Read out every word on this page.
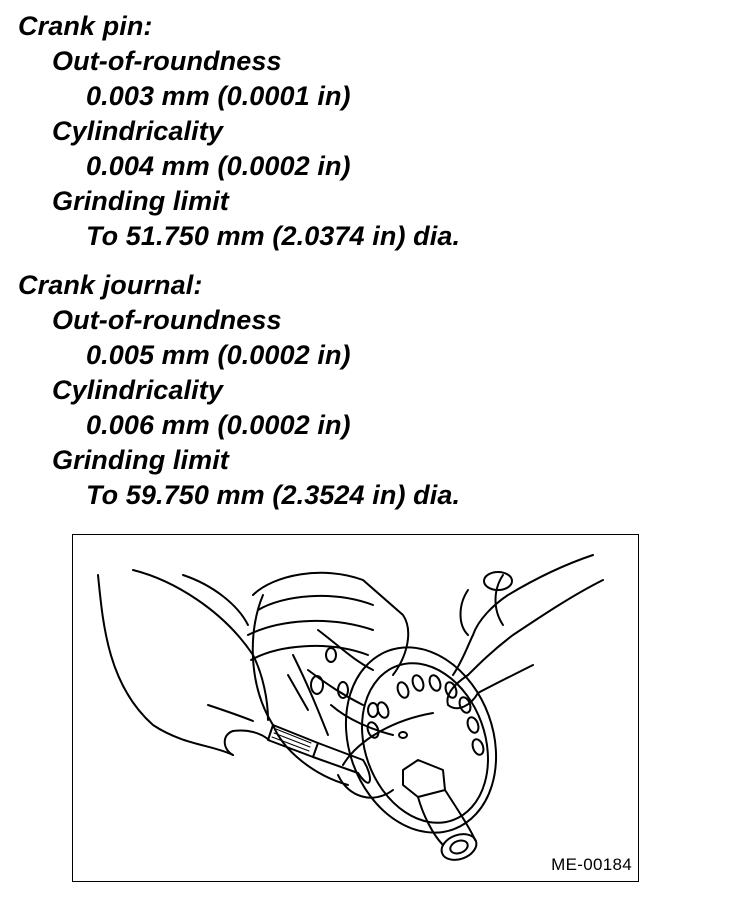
Crank pin:
Out-of-roundness
0.003 mm (0.0001 in)
Cylindricality
0.004 mm (0.0002 in)
Grinding limit
To 51.750 mm (2.0374 in) dia.
Crank journal:
Out-of-roundness
0.005 mm (0.0002 in)
Cylindricality
0.006 mm (0.0002 in)
Grinding limit
To 59.750 mm (2.3524 in) dia.
ME-00184
